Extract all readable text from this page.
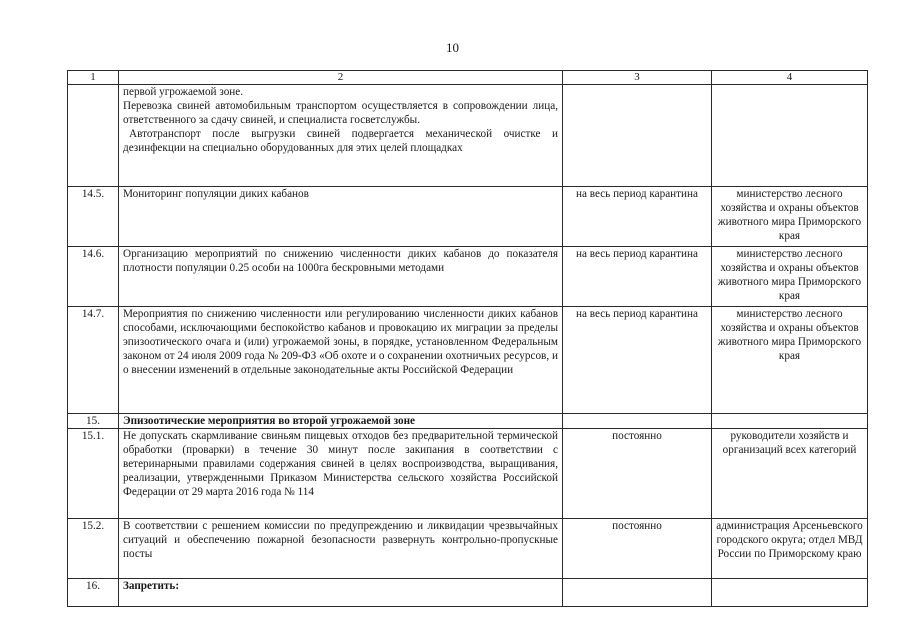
10
1	2	3	4

	первой угрожаемой зоне.

Перевозка свиней автомобильным транспортом осуществляется в сопровождении лица, ответственного за сдачу свиней, и специалиста госветслужбы.

Автотранспорт после выгрузки свиней подвергается механической очистке и дезинфекции на специально оборудованных для этих целей площадках		

14.5.	Мониторинг популяции диких кабанов	на весь период карантина	министерство лесного хозяйства и охраны объектов животного мира Приморского края
14.6.	Организацию мероприятий по снижению численности диких кабанов до показателя плотности популяции 0.25 особи на 1000га бескровными методами	на весь период карантина	министерство лесного хозяйства и охраны объектов животного мира Приморского края
14.7.	Мероприятия по снижению численности или регулированию численности диких кабанов способами, исключающими беспокойство кабанов и провокацию их миграции за пределы эпизоотического очага и (или) угрожаемой зоны, в порядке, установленном Федеральным законом от 24 июля 2009 года № 209-ФЗ «Об охоте и о сохранении охотничьих ресурсов, и о внесении изменений в отдельные законодательные акты Российской Федерации	на весь период карантина	министерство лесного хозяйства и охраны объектов животного мира Приморского края
15.	Эпизоотические мероприятия во второй угрожаемой зоне		
15.1.	Не допускать скармливание свиньям пищевых отходов без предварительной термической обработки (проварки) в течение 30 минут после закипания в соответствии с ветеринарными правилами содержания свиней в целях воспроизводства, выращивания, реализации, утвержденными Приказом Министерства сельского хозяйства Российской Федерации от 29 марта 2016 года № 114	постоянно	руководители хозяйств и организаций всех категорий
15.2.	В соответствии с решением комиссии по предупреждению и ликвидации чрезвычайных ситуаций и обеспечению пожарной безопасности развернуть контрольно-пропускные посты	постоянно	администрация Арсеньевского городского округа; отдел МВД России по Приморскому краю
16.	Запретить:		
